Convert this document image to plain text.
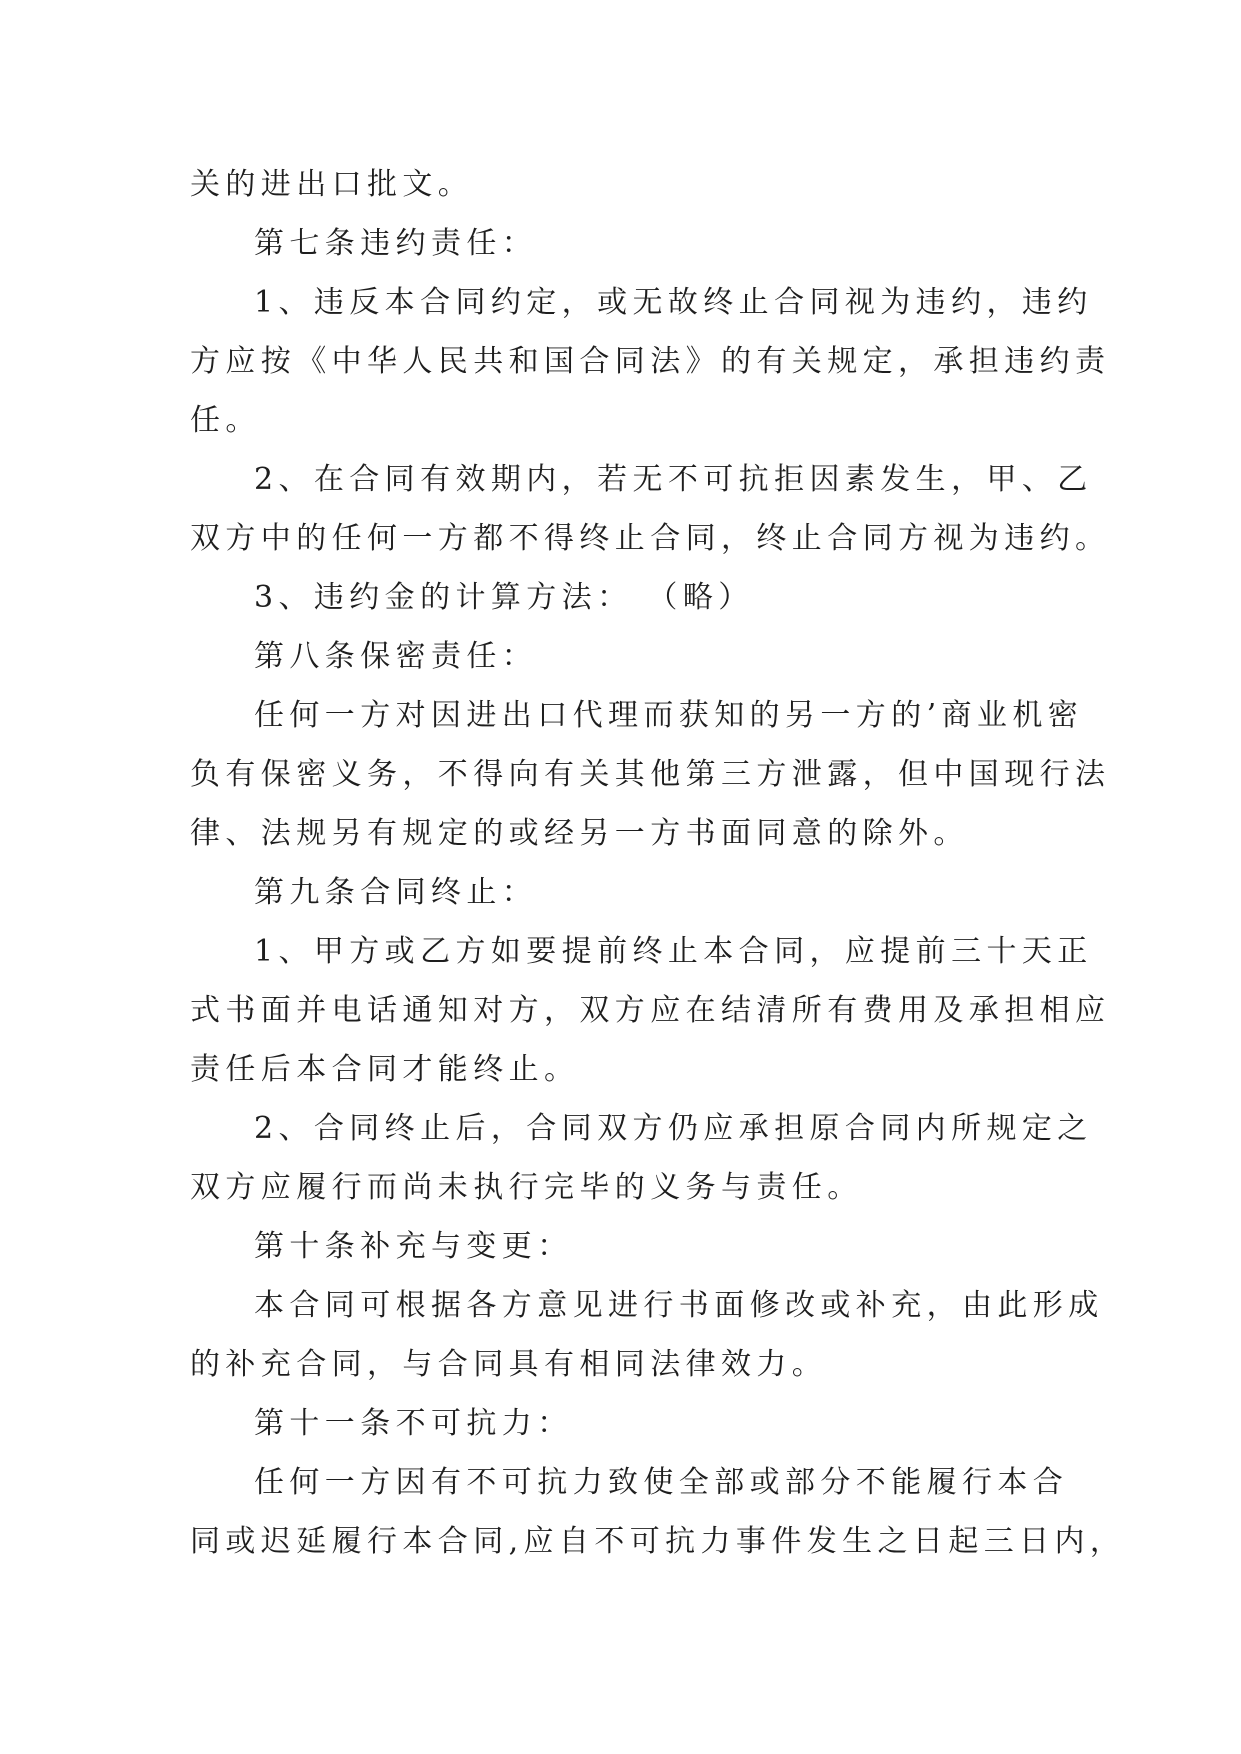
关的进出口批文。
第七条违约责任：
1、违反本合同约定，或无故终止合同视为违约，违约
方应按《中华人民共和国合同法》的有关规定，承担违约责
任。
2、在合同有效期内，若无不可抗拒因素发生，甲、乙
双方中的任何一方都不得终止合同，终止合同方视为违约。
3、违约金的计算方法： （略）
第八条保密责任：
任何一方对因进出口代理而获知的另一方的’商业机密
负有保密义务，不得向有关其他第三方泄露，但中国现行法
律、法规另有规定的或经另一方书面同意的除外。
第九条合同终止：
1、甲方或乙方如要提前终止本合同，应提前三十天正
式书面并电话通知对方，双方应在结清所有费用及承担相应
责任后本合同才能终止。
2、合同终止后，合同双方仍应承担原合同内所规定之
双方应履行而尚未执行完毕的义务与责任。
第十条补充与变更：
本合同可根据各方意见进行书面修改或补充，由此形成
的补充合同，与合同具有相同法律效力。
第十一条不可抗力：
任何一方因有不可抗力致使全部或部分不能履行本合
同或迟延履行本合同,应自不可抗力事件发生之日起三日内，
